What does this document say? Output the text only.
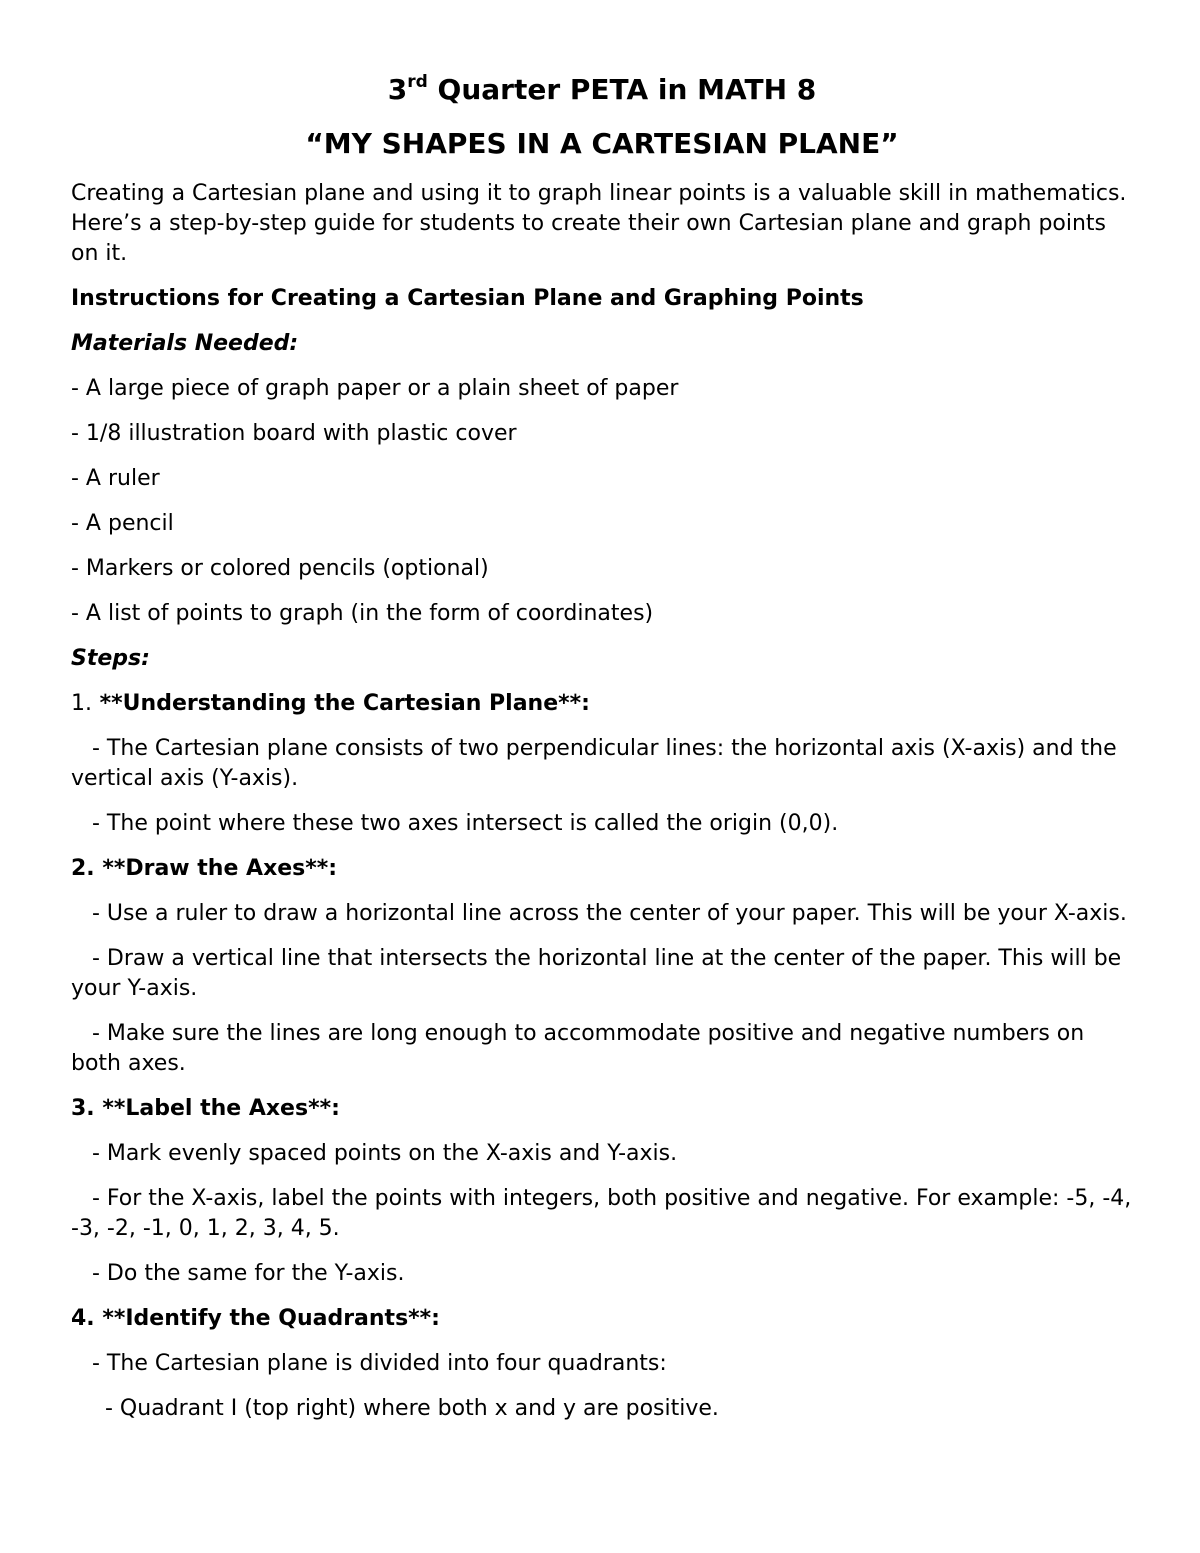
3rd Quarter PETA in MATH 8
“MY SHAPES IN A CARTESIAN PLANE”

Creating a Cartesian plane and using it to graph linear points is a valuable skill in mathematics. Here’s a step-by-step guide for students to create their own Cartesian plane and graph points on it.

Instructions for Creating a Cartesian Plane and Graphing Points

Materials Needed:

- A large piece of graph paper or a plain sheet of paper

- 1/8 illustration board with plastic cover

- A ruler

- A pencil

- Markers or colored pencils (optional)

- A list of points to graph (in the form of coordinates)

Steps:

1. **Understanding the Cartesian Plane**:

- The Cartesian plane consists of two perpendicular lines: the horizontal axis (X-axis) and the vertical axis (Y-axis).

- The point where these two axes intersect is called the origin (0,0).

2. **Draw the Axes**:

- Use a ruler to draw a horizontal line across the center of your paper. This will be your X-axis.

- Draw a vertical line that intersects the horizontal line at the center of the paper. This will be your Y-axis.

- Make sure the lines are long enough to accommodate positive and negative numbers on both axes.

3. **Label the Axes**:

- Mark evenly spaced points on the X-axis and Y-axis.

- For the X-axis, label the points with integers, both positive and negative. For example: -5, -4, -3, -2, -1, 0, 1, 2, 3, 4, 5.

- Do the same for the Y-axis.

4. **Identify the Quadrants**:

- The Cartesian plane is divided into four quadrants:

- Quadrant I (top right) where both x and y are positive.
